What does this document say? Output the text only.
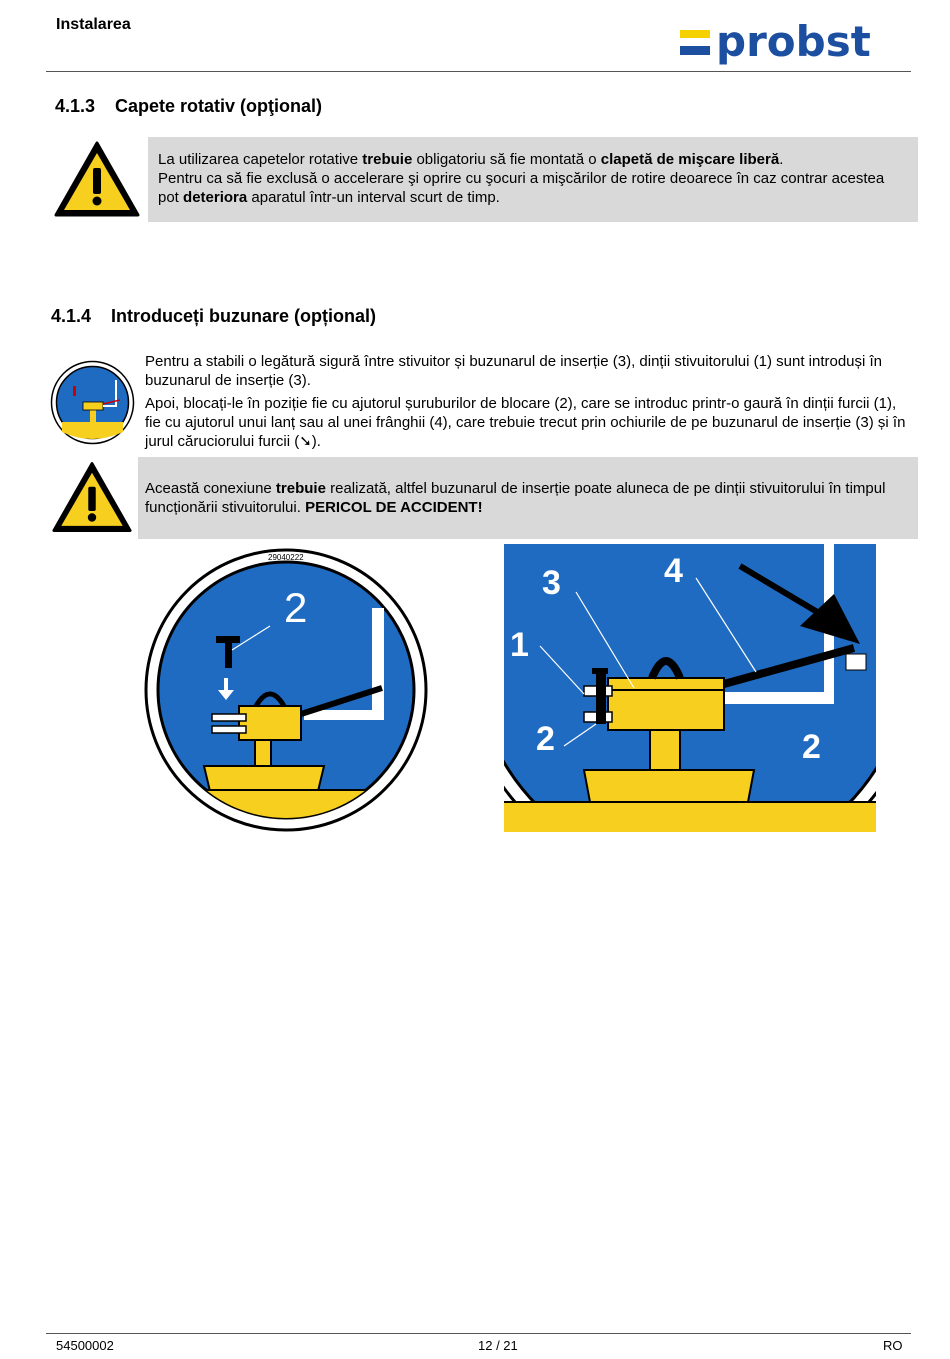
Instalarea	probst
4.1.3 Capete rotativ (opţional)
La utilizarea capetelor rotative trebuie obligatoriu să fie montată o clapetă de mişcare liberă.
Pentru ca să fie exclusă o accelerare şi oprire cu şocuri a mişcărilor de rotire deoarece în caz contrar acestea pot deteriora aparatul într-un interval scurt de timp.
4.1.4 Introduceți buzunare (opțional)

Pentru a stabili o legătură sigură între stivuitor și buzunarul de inserție (3), dinții stivuitorului (1) sunt introduși în buzunarul de inserție (3).

Apoi, blocați-le în poziție fie cu ajutorul șuruburilor de blocare (2), care se introduc printr-o gaură în dinții furcii (1), fie cu ajutorul unui lanț sau al unei frânghii (4), care trebuie trecut prin ochiurile de pe buzunarul de inserție (3) și în jurul căruciorului furcii (➘).

Această conexiune trebuie realizată, altfel buzunarul de inserție poate aluneca de pe dinții stivuitorului în timpul funcționării stivuitorului. PERICOL DE ACCIDENT!
2
29040222
1
2
3	4
2
54500002	12 / 21	RO
